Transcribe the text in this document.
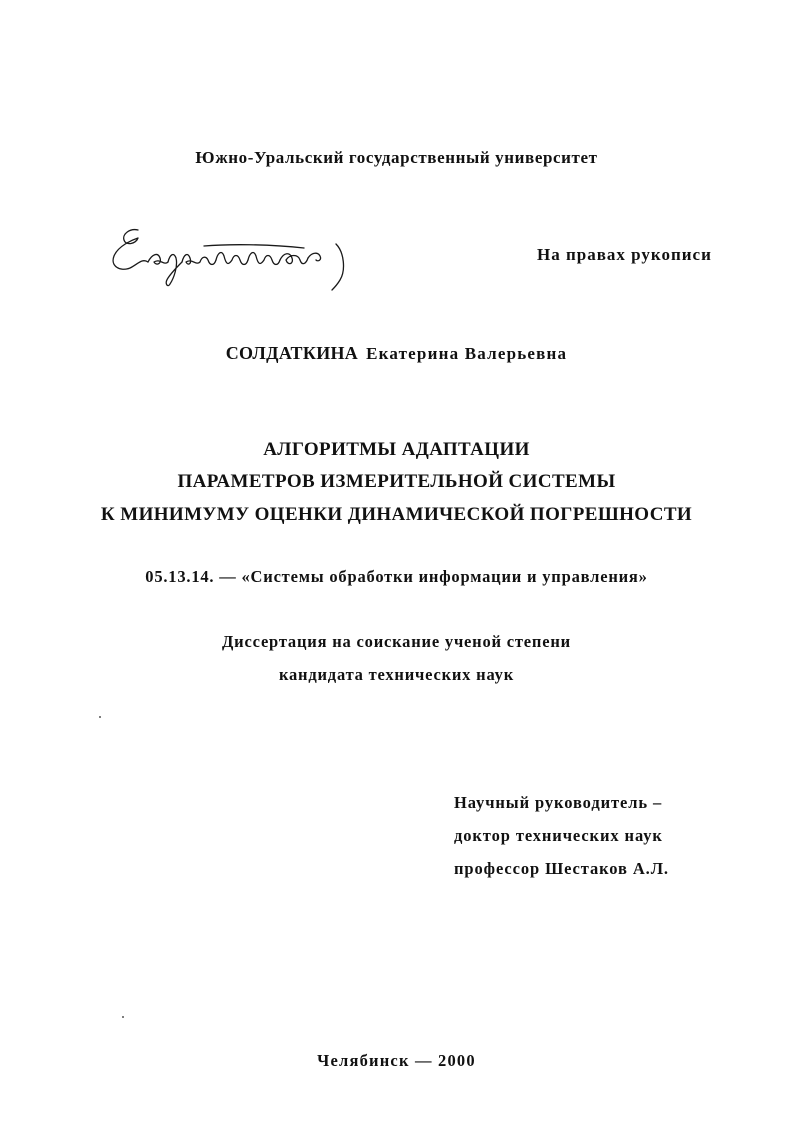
Южно-Уральский государственный университет
На правах рукописи
СОЛДАТКИНА Екатерина Валерьевна
АЛГОРИТМЫ АДАПТАЦИИ
ПАРАМЕТРОВ ИЗМЕРИТЕЛЬНОЙ СИСТЕМЫ
К МИНИМУМУ ОЦЕНКИ ДИНАМИЧЕСКОЙ ПОГРЕШНОСТИ
05.13.14. — «Системы обработки информации и управления»
Диссертация на соискание ученой степени
кандидата технических наук
Научный руководитель –
доктор технических наук
профессор Шестаков А.Л.
Челябинск — 2000
